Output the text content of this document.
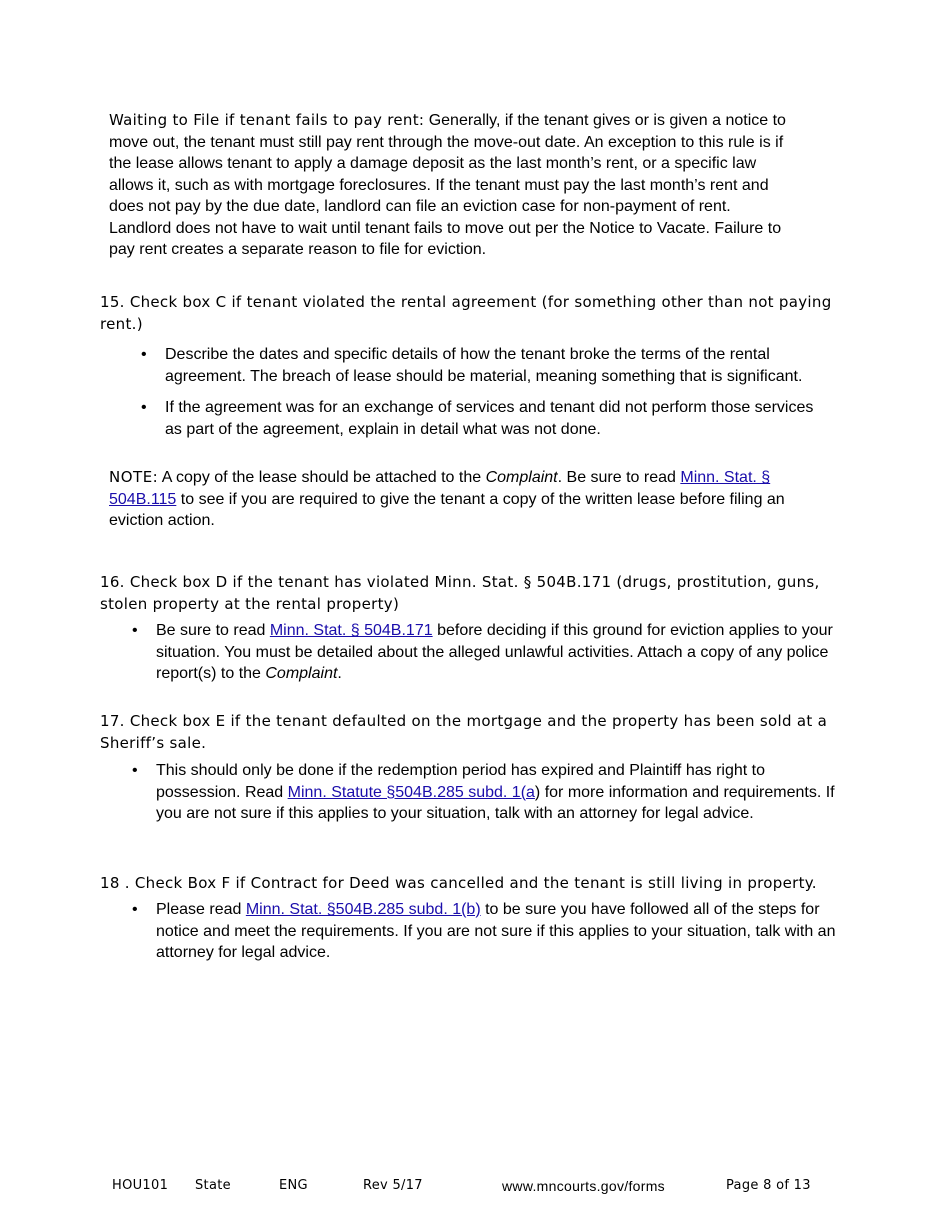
Waiting to File if tenant fails to pay rent: Generally, if the tenant gives or is given a notice to move out, the tenant must still pay rent through the move-out date. An exception to this rule is if the lease allows tenant to apply a damage deposit as the last month’s rent, or a specific law allows it, such as with mortgage foreclosures. If the tenant must pay the last month’s rent and does not pay by the due date, landlord can file an eviction case for non-payment of rent. Landlord does not have to wait until tenant fails to move out per the Notice to Vacate. Failure to pay rent creates a separate reason to file for eviction.

15. Check box C if tenant violated the rental agreement (for something other than not paying rent.)
• Describe the dates and specific details of how the tenant broke the terms of the rental agreement. The breach of lease should be material, meaning something that is significant.
• If the agreement was for an exchange of services and tenant did not perform those services as part of the agreement, explain in detail what was not done.

NOTE: A copy of the lease should be attached to the Complaint. Be sure to read Minn. Stat. § 504B.115 to see if you are required to give the tenant a copy of the written lease before filing an eviction action.

16. Check box D if the tenant has violated Minn. Stat. § 504B.171 (drugs, prostitution, guns, stolen property at the rental property)
• Be sure to read Minn. Stat. § 504B.171 before deciding if this ground for eviction applies to your situation. You must be detailed about the alleged unlawful activities. Attach a copy of any police report(s) to the Complaint.
17. Check box E if the tenant defaulted on the mortgage and the property has been sold at a Sheriff’s sale.
• This should only be done if the redemption period has expired and Plaintiff has right to possession. Read Minn. Statute §504B.285 subd. 1(a) for more information and requirements. If you are not sure if this applies to your situation, talk with an attorney for legal advice.
18 . Check Box F if Contract for Deed was cancelled and the tenant is still living in property.
• Please read Minn. Stat. §504B.285 subd. 1(b) to be sure you have followed all of the steps for notice and meet the requirements. If you are not sure if this applies to your situation, talk with an attorney for legal advice.
HOU101 State	ENG	Rev 5/17	www.mncourts.gov/forms	Page 8 of 13
